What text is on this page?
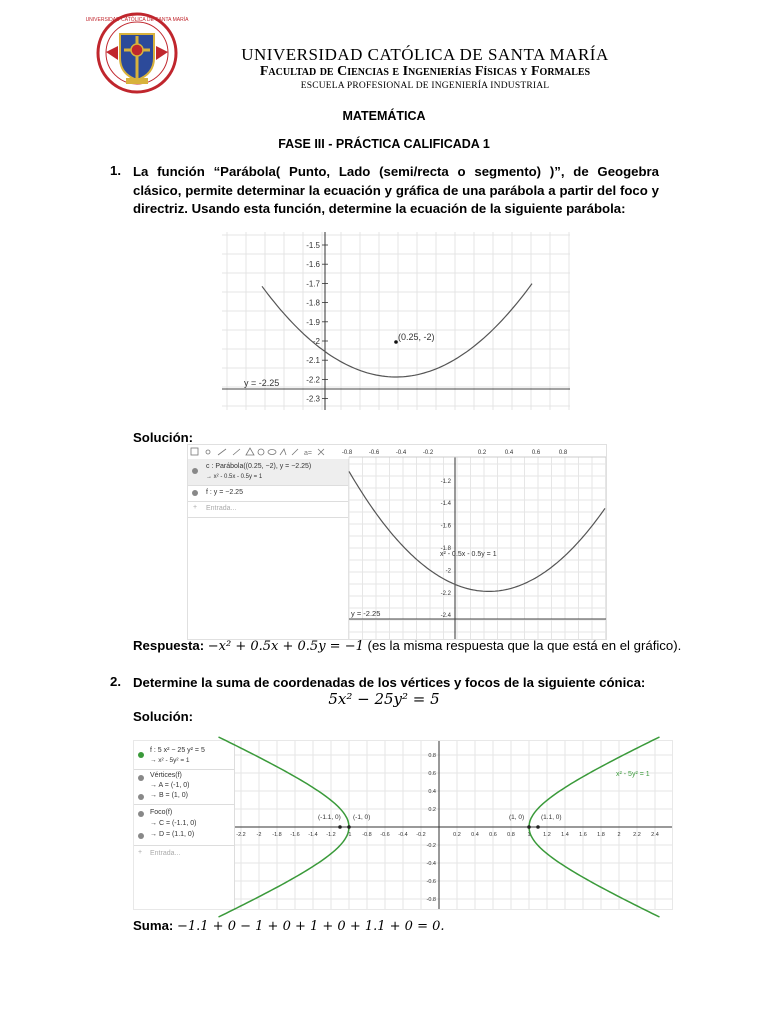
UNIVERSIDAD CATÓLICA DE SANTA MARÍA
UNIVERSIDAD CATÓLICA DE SANTA MARÍA
Facultad de Ciencias e Ingenierías Físicas y Formales
ESCUELA PROFESIONAL DE INGENIERÍA INDUSTRIAL
MATEMÁTICA
FASE III - PRÁCTICA CALIFICADA 1
1. La función “Parábola( Punto, Lado (semi/recta o segmento) )”, de Geogebra clásico, permite determinar la ecuación y gráfica de una parábola a partir del foco y directriz. Usando esta función, determine la ecuación de la siguiente parábola:
-1.5
-1.6
-1.7
-1.8
-1.9
-2
-2.1
-2.2
-2.3
(0.25, -2)
y = -2.25
Solución:
a=
c : Parábola((0.25, −2), y = −2.25)
→ x² - 0.5x - 0.5y = 1
f : y = −2.25
+ Entrada...
-0.8	-0.6	-0.4	-0.2	0.2	0.4	0.6	0.8
-1.2
-1.4
-1.6
-1.8
-2
-2.2
-2.4
x² - 0.5x - 0.5y = 1
y = -2.25
Respuesta: −x² + 0.5x + 0.5y = −1 (es la misma respuesta que la que está en el gráfico).
2. Determine la suma de coordenadas de los vértices y focos de la siguiente cónica:
5x² − 25y² = 5
Solución:
f : 5 x² − 25 y² = 5
→ x² - 5y² = 1
Vértices(f)
→ A = (-1, 0)
→ B = (1, 0)
Foco(f)
→ C = (-1.1, 0)
→ D = (1.1, 0)
+ Entrada...
-2.2 -2 -1.8 -1.6 -1.4 -1.2 -1 -0.8 -0.6 -0.4 -0.2	0.2 0.4 0.6 0.8 1 1.2 1.4 1.6 1.8 2 2.2 2.4
0.8
0.6
0.4
0.2
-0.2
-0.4
-0.6
-0.8
(-1.1, 0) (-1, 0)	(1, 0)	(1.1, 0)
x² - 5y² = 1
Suma: −1.1 + 0 − 1 + 0 + 1 + 0 + 1.1 + 0 = 0.
